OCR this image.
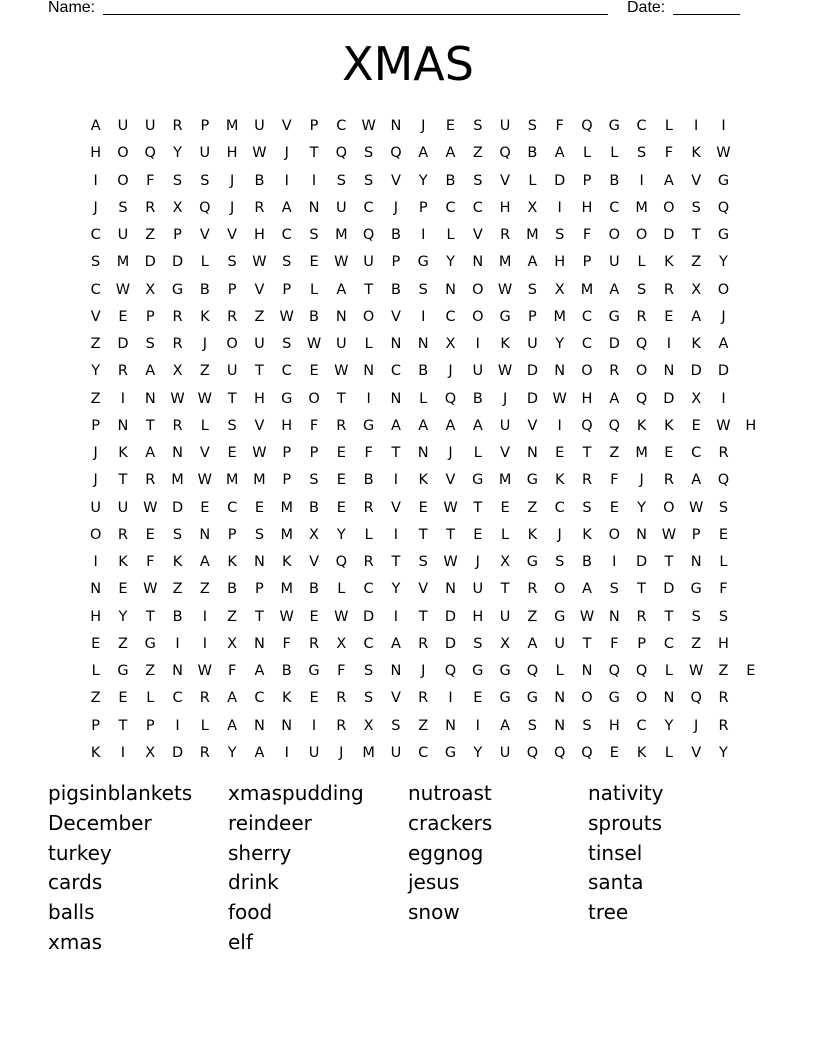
Name:	Date:
XMAS
A U U R P M U V P C W N J E S U S F Q G C L I I
H O Q Y U H W J T Q S Q A A Z Q B A L L S F K W
I O F S S J B I I S S V Y B S V L D P B I A V G
J S R X Q J R A N U C J P C C H X I H C M O S Q
C U Z P V V H C S M Q B I L V R M S F O O D T G
S M D D L S W S E W U P G Y N M A H P U L K Z Y
C W X G B P V P L A T B S N O W S X M A S R X O
V E P R K R Z W B N O V I C O G P M C G R E A J
Z D S R J O U S W U L N N X I K U Y C D Q I K A
Y R A X Z U T C E W N C B J U W D N O R O N D D
Z I N W W T H G O T I N L Q B J D W H A Q D X I
P N T R L S V H F R G A A A A U V I Q Q K K E W H
J K A N V E W P P E F T N J L V N E T Z M E C R
J T R M W M M P S E B I K V G M G K R F J R A Q
U U W D E C E M B E R V E W T E Z C S E Y O W S
O R E S N P S M X Y L I T T E L K J K O N W P E
I K F K A K N K V Q R T S W J X G S B I D T N L
N E W Z Z B P M B L C Y V N U T R O A S T D G F
H Y T B I Z T W E W D I T D H U Z G W N R T S S
E Z G I I X N F R X C A R D S X A U T F P C Z H
L G Z N W F A B G F S N J Q G G Q L N Q Q L W Z E
Z E L C R A C K E R S V R I E G G N O G O N Q R
P T P I L A N N I R X S Z N I A S N S H C Y J R
K I X D R Y A I U J M U C G Y U Q Q Q E K L V Y
pigsinblankets	xmaspudding	nutroast	nativity
December	reindeer	crackers	sprouts
turkey	sherry	eggnog	tinsel
cards	drink	jesus	santa
balls	food	snow	tree
xmas	elf
